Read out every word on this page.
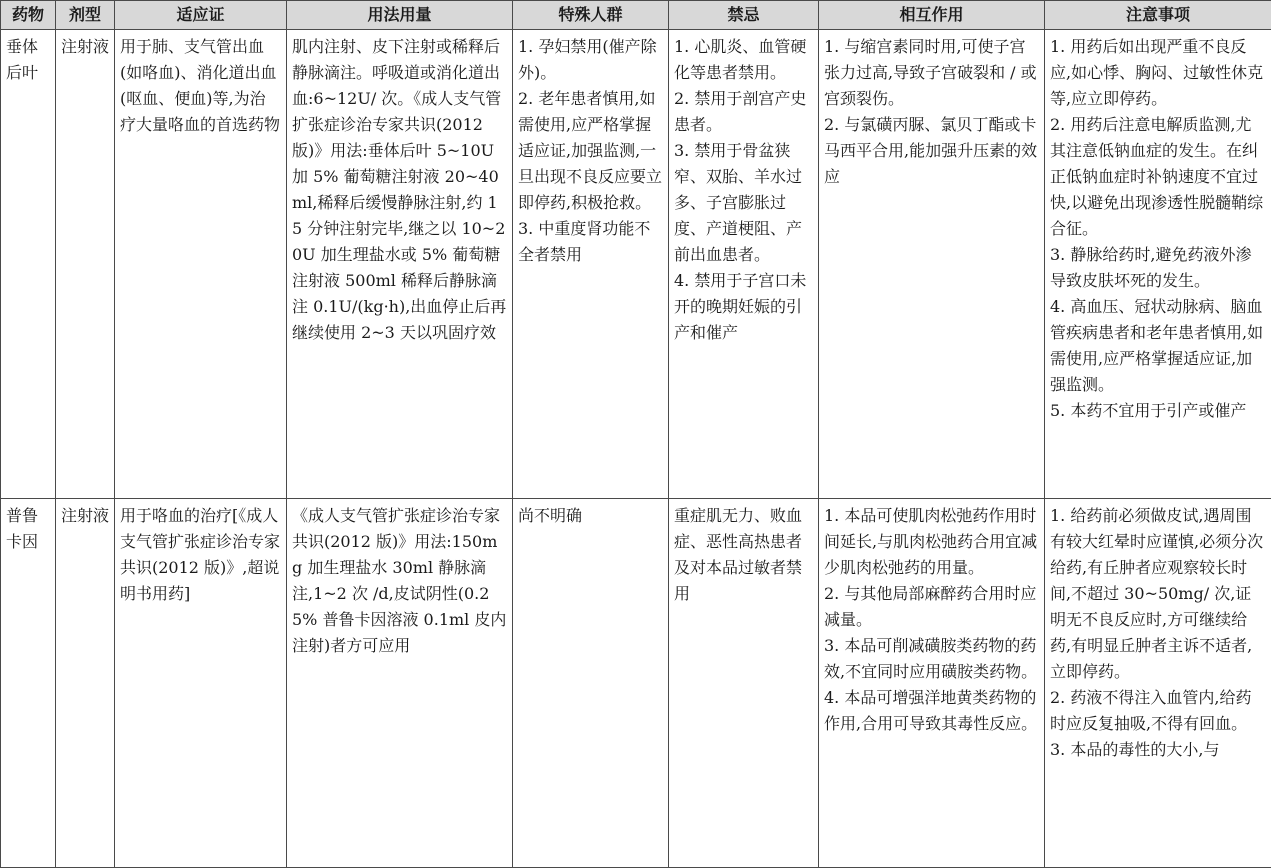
药物	剂型	适应证	用法用量	特殊人群	禁忌	相互作用	注意事项
垂体后叶	注射液	用于肺、支气管出血(如咯血)、消化道出血(呕血、便血)等,为治疗大量咯血的首选药物	肌内注射、皮下注射或稀释后静脉滴注。呼吸道或消化道出血:6~12U/ 次。《成人支气管扩张症诊治专家共识(2012 版)》用法:垂体后叶 5~10U 加 5% 葡萄糖注射液 20~40ml,稀释后缓慢静脉注射,约 15 分钟注射完毕,继之以 10~20U 加生理盐水或 5% 葡萄糖注射液 500ml 稀释后静脉滴注 0.1U/(kg·h),出血停止后再继续使用 2~3 天以巩固疗效	1. 孕妇禁用(催产除外)。
2. 老年患者慎用,如需使用,应严格掌握适应证,加强监测,一旦出现不良反应要立即停药,积极抢救。
3. 中重度肾功能不全者禁用	1. 心肌炎、血管硬化等患者禁用。
2. 禁用于剖宫产史患者。
3. 禁用于骨盆狭窄、双胎、羊水过多、子宫膨胀过度、产道梗阻、产前出血患者。
4. 禁用于子宫口未开的晚期妊娠的引产和催产	1. 与缩宫素同时用,可使子宫张力过高,导致子宫破裂和 / 或宫颈裂伤。
2. 与氯磺丙脲、氯贝丁酯或卡马西平合用,能加强升压素的效应	1. 用药后如出现严重不良反应,如心悸、胸闷、过敏性休克等,应立即停药。
2. 用药后注意电解质监测,尤其注意低钠血症的发生。在纠正低钠血症时补钠速度不宜过快,以避免出现渗透性脱髓鞘综合征。
3. 静脉给药时,避免药液外渗导致皮肤坏死的发生。
4. 高血压、冠状动脉病、脑血管疾病患者和老年患者慎用,如需使用,应严格掌握适应证,加强监测。
5. 本药不宜用于引产或催产

普鲁卡因	注射液	用于咯血的治疗[《成人支气管扩张症诊治专家共识(2012 版)》,超说明书用药]	《成人支气管扩张症诊治专家共识(2012 版)》用法:150mg 加生理盐水 30ml 静脉滴注,1~2 次 /d,皮试阴性(0.25% 普鲁卡因溶液 0.1ml 皮内注射)者方可应用	尚不明确	重症肌无力、败血症、恶性高热患者及对本品过敏者禁用	1. 本品可使肌肉松弛药作用时间延长,与肌肉松弛药合用宜减少肌肉松弛药的用量。
2. 与其他局部麻醉药合用时应减量。
3. 本品可削减磺胺类药物的药效,不宜同时应用磺胺类药物。
4. 本品可增强洋地黄类药物的作用,合用可导致其毒性反应。	1. 给药前必须做皮试,遇周围有较大红晕时应谨慎,必须分次给药,有丘肿者应观察较长时间,不超过 30~50mg/ 次,证明无不良反应时,方可继续给药,有明显丘肿者主诉不适者,立即停药。
2. 药液不得注入血管内,给药时应反复抽吸,不得有回血。
3. 本品的毒性的大小,与
